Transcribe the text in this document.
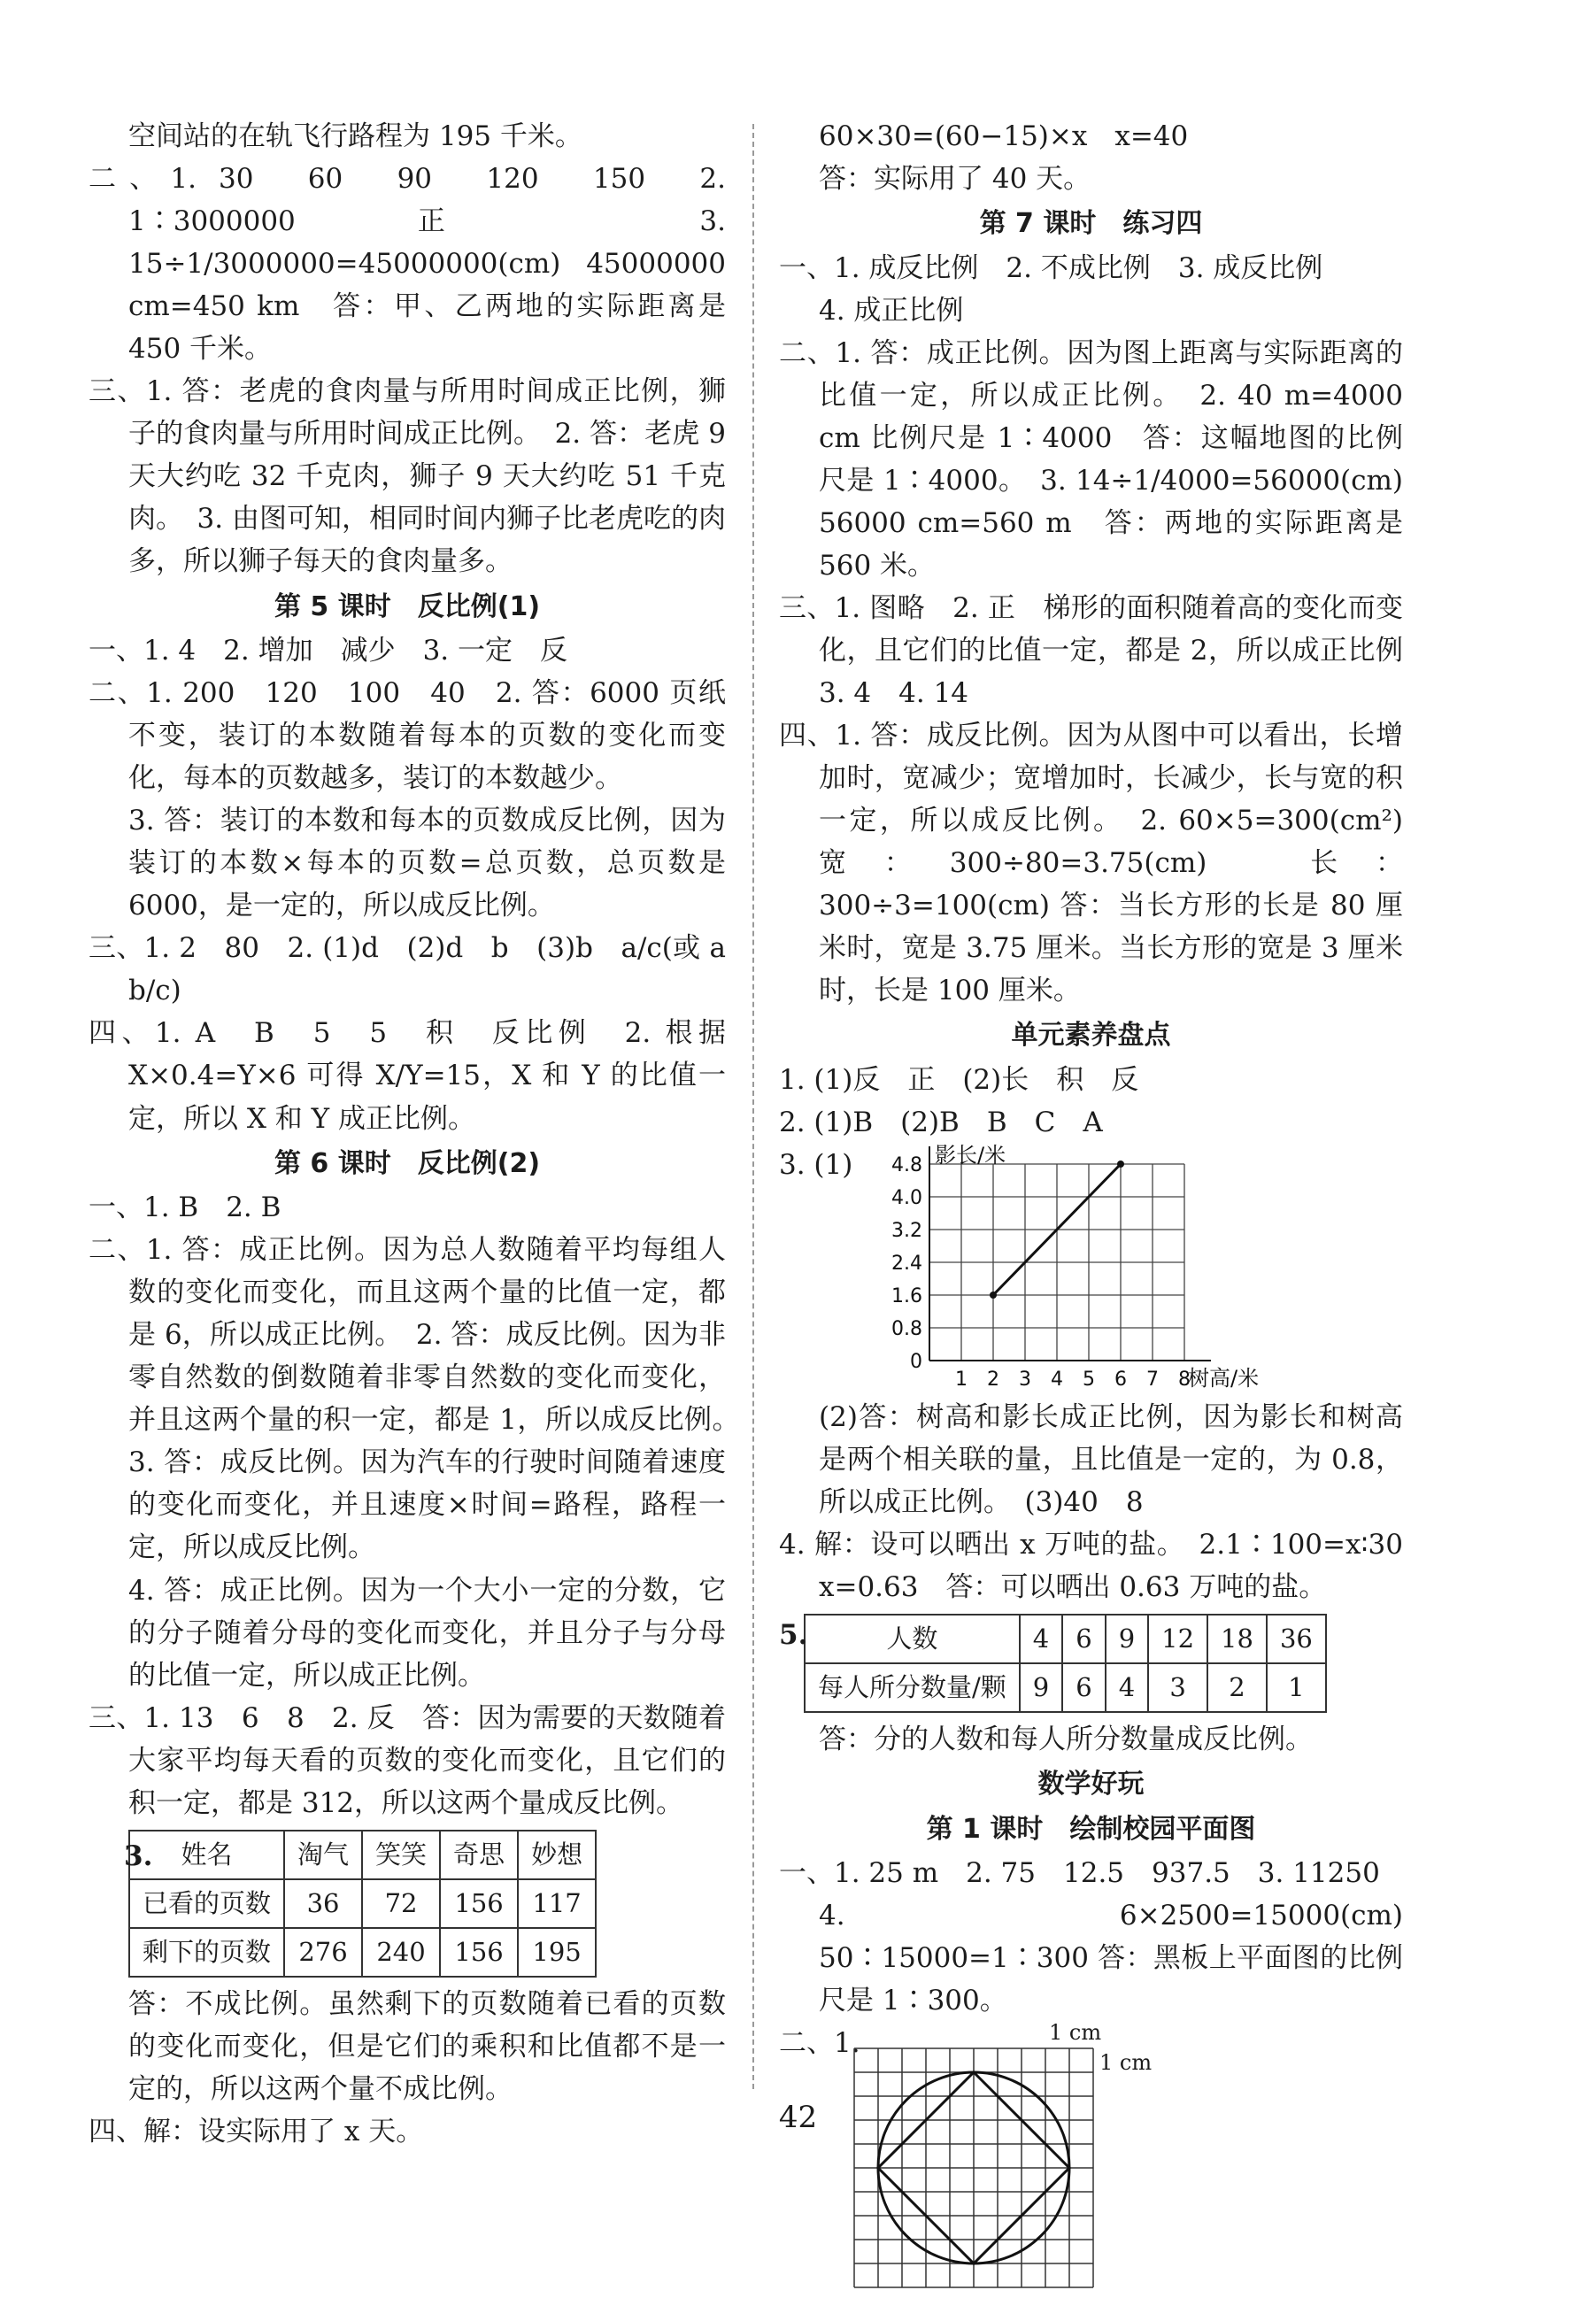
空间站的在轨飞行路程为 195 千米。

二、1. 30　60　90　120　150　2. 1∶3000000 正　3. 15÷1/3000000=45000000(cm) 45000000 cm=450 km　答：甲、乙两地的实际距离是 450 千米。

三、1. 答：老虎的食肉量与所用时间成正比例，狮子的食肉量与所用时间成正比例。　2. 答：老虎 9 天大约吃 32 千克肉，狮子 9 天大约吃 51 千克肉。　3. 由图可知，相同时间内狮子比老虎吃的肉多，所以狮子每天的食肉量多。

第 5 课时　反比例(1)

一、1. 4　2. 增加　减少　3. 一定　反

二、1. 200　120　100　40　2. 答：6000 页纸不变，装订的本数随着每本的页数的变化而变化，每本的页数越多，装订的本数越少。

3. 答：装订的本数和每本的页数成反比例，因为装订的本数×每本的页数=总页数，总页数是 6000，是一定的，所以成反比例。

三、1. 2　80　2. (1)d　(2)d　b　(3)b　a/c(或 a b/c)

四、1. A　B　5　5　积　反比例　2. 根据 X×0.4=Y×6 可得 X/Y=15，X 和 Y 的比值一定，所以 X 和 Y 成正比例。

第 6 课时　反比例(2)

一、1. B　2. B

二、1. 答：成正比例。因为总人数随着平均每组人数的变化而变化，而且这两个量的比值一定，都是 6，所以成正比例。　2. 答：成反比例。因为非零自然数的倒数随着非零自然数的变化而变化，并且这两个量的积一定，都是 1，所以成反比例。　3. 答：成反比例。因为汽车的行驶时间随着速度的变化而变化，并且速度×时间=路程，路程一定，所以成反比例。

4. 答：成正比例。因为一个大小一定的分数，它的分子随着分母的变化而变化，并且分子与分母的比值一定，所以成正比例。

三、1. 13　6　8　2. 反　答：因为需要的天数随着大家平均每天看的页数的变化而变化，且它们的积一定，都是 312，所以这两个量成反比例。

3. 姓名	淘气	笑笑	奇思	妙想
已看的页数	36	72	156	117
剩下的页数	276	240	156	195

答：不成比例。虽然剩下的页数随着已看的页数的变化而变化，但是它们的乘积和比值都不是一定的，所以这两个量不成比例。

四、解：设实际用了 x 天。

60×30=(60−15)×x　x=40

答：实际用了 40 天。

第 7 课时　练习四

一、1. 成反比例　2. 不成比例　3. 成反比例

4. 成正比例

二、1. 答：成正比例。因为图上距离与实际距离的比值一定，所以成正比例。　2. 40 m=4000 cm 比例尺是 1∶4000　答：这幅地图的比例尺是 1∶4000。　3. 14÷1/4000=56000(cm) 56000 cm=560 m　答：两地的实际距离是 560 米。

三、1. 图略　2. 正　梯形的面积随着高的变化而变化，且它们的比值一定，都是 2，所以成正比例　3. 4　4. 14

四、1. 答：成反比例。因为从图中可以看出，长增加时，宽减少；宽增加时，长减少，长与宽的积一定，所以成反比例。　2. 60×5=300(cm²) 宽：300÷80=3.75(cm)　长：300÷3=100(cm) 答：当长方形的长是 80 厘米时，宽是 3.75 厘米。当长方形的宽是 3 厘米时，长是 100 厘米。

单元素养盘点

1. (1)反　正　(2)长　积　反

2. (1)B　(2)B　B　C　A

3. (1)
1 2 3 4 5 6 7 8
0
0.8
1.6
2.4
3.2
4.0
4.8 影长/米
树高/米

(2)答：树高和影长成正比例，因为影长和树高是两个相关联的量，且比值是一定的，为 0.8，所以成正比例。　(3)40　8

4. 解：设可以晒出 x 万吨的盐。　2.1∶100=x∶30　x=0.63　答：可以晒出 0.63 万吨的盐。

5.	人数	4	6	9	12	18	36
每人所分数量/颗	9	6	4	3	2	1

答：分的人数和每人所分数量成反比例。

数学好玩
第 1 课时　绘制校园平面图

一、1. 25 m　2. 75　12.5　937.5　3. 11250

4. 6×2500=15000(cm)　50∶15000=1∶300 答：黑板上平面图的比例尺是 1∶300。

二、1.	1 cm
1 cm
42
